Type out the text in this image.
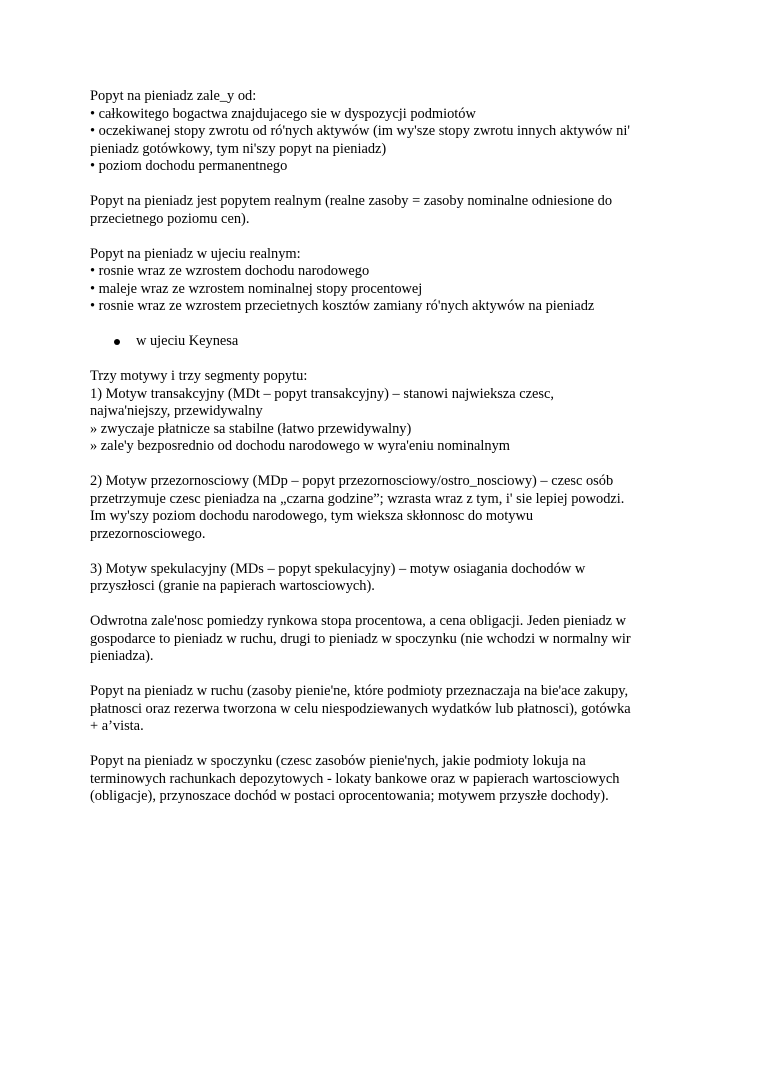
Popyt na pieniadz zale_y od:
• całkowitego bogactwa znajdujacego sie w dyspozycji podmiotów
• oczekiwanej stopy zwrotu od ró'nych aktywów (im wy'sze stopy zwrotu innych aktywów ni'
pieniadz gotówkowy, tym ni'szy popyt na pieniadz)
• poziom dochodu permanentnego
Popyt na pieniadz jest popytem realnym (realne zasoby = zasoby nominalne odniesione do
przecietnego poziomu cen).
Popyt na pieniadz w ujeciu realnym:
• rosnie wraz ze wzrostem dochodu narodowego
• maleje wraz ze wzrostem nominalnej stopy procentowej
• rosnie wraz ze wzrostem przecietnych kosztów zamiany ró'nych aktywów na pieniadz
w ujeciu Keynesa
Trzy motywy i trzy segmenty popytu:
1) Motyw transakcyjny (MDt – popyt transakcyjny) – stanowi najwieksza czesc,
najwa'niejszy, przewidywalny
» zwyczaje płatnicze sa stabilne (łatwo przewidywalny)
» zale'y bezposrednio od dochodu narodowego w wyra'eniu nominalnym
2) Motyw przezornosciowy (MDp – popyt przezornosciowy/ostro_nosciowy) – czesc osób
przetrzymuje czesc pieniadza na „czarna godzine”; wzrasta wraz z tym, i' sie lepiej powodzi.
Im wy'szy poziom dochodu narodowego, tym wieksza skłonnosc do motywu
przezornosciowego.
3) Motyw spekulacyjny (MDs – popyt spekulacyjny) – motyw osiagania dochodów w
przyszłosci (granie na papierach wartosciowych).
Odwrotna zale'nosc pomiedzy rynkowa stopa procentowa, a cena obligacji. Jeden pieniadz w
gospodarce to pieniadz w ruchu, drugi to pieniadz w spoczynku (nie wchodzi w normalny wir
pieniadza).
Popyt na pieniadz w ruchu (zasoby pienie'ne, które podmioty przeznaczaja na bie'ace zakupy,
płatnosci oraz rezerwa tworzona w celu niespodziewanych wydatków lub płatnosci), gotówka
+ a’vista.
Popyt na pieniadz w spoczynku (czesc zasobów pienie'nych, jakie podmioty lokuja na
terminowych rachunkach depozytowych - lokaty bankowe oraz w papierach wartosciowych
(obligacje), przynoszace dochód w postaci oprocentowania; motywem przyszłe dochody).
